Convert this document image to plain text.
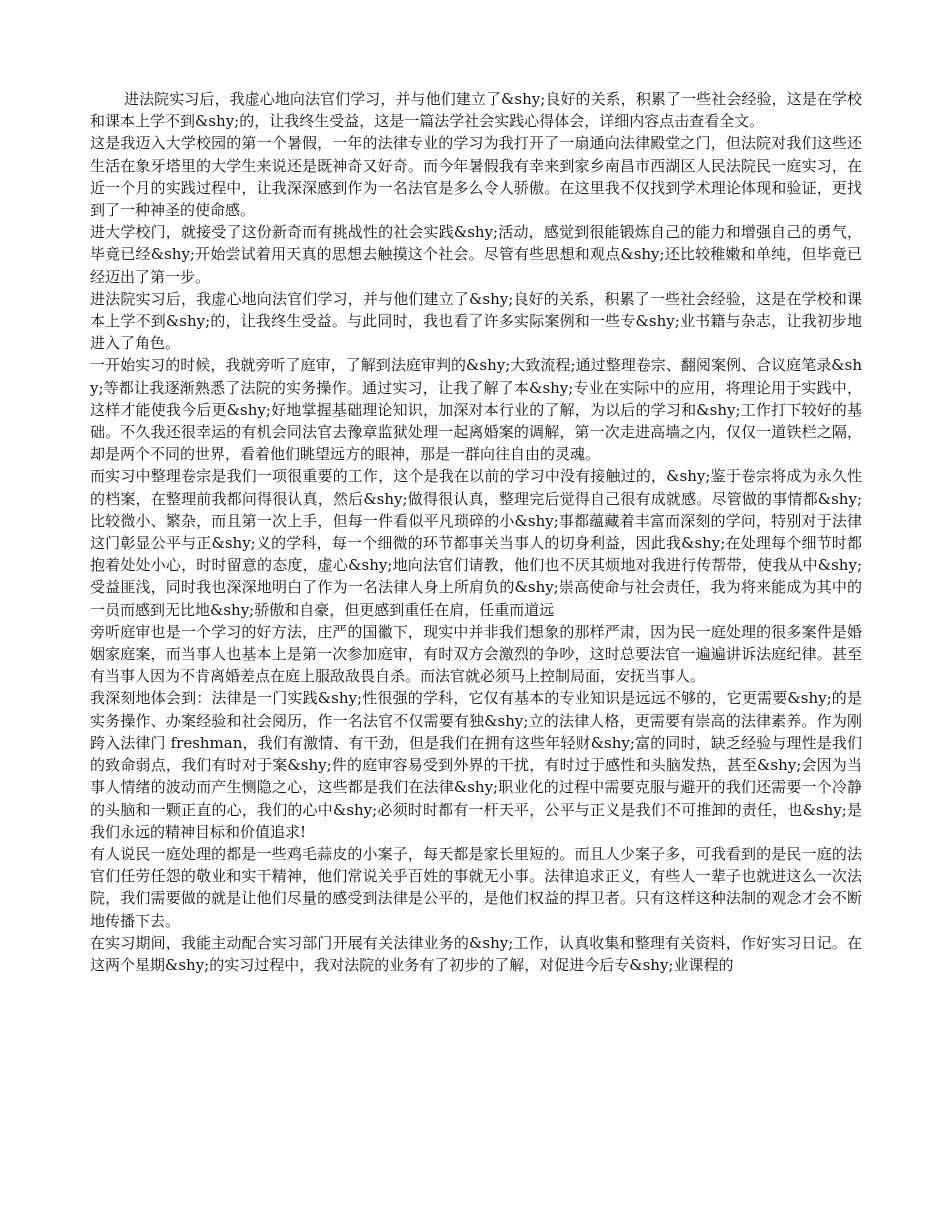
进法院实习后，我虚心地向法官们学习，并与他们建立了&shy;良好的关系，积累了一些社会经验，这是在学校和课本上学不到&shy;的，让我终生受益，这是一篇法学社会实践心得体会，详细内容点击查看全文。

这是我迈入大学校园的第一个暑假，一年的法律专业的学习为我打开了一扇通向法律殿堂之门，但法院对我们这些还生活在象牙塔里的大学生来说还是既神奇又好奇。而今年暑假我有幸来到家乡南昌市西湖区人民法院民一庭实习，在近一个月的实践过程中，让我深深感到作为一名法官是多么令人骄傲。在这里我不仅找到学术理论体现和验证，更找到了一种神圣的使命感。

进大学校门，就接受了这份新奇而有挑战性的社会实践&shy;活动，感觉到很能锻炼自己的能力和增强自己的勇气，毕竟已经&shy;开始尝试着用天真的思想去触摸这个社会。尽管有些思想和观点&shy;还比较稚嫩和单纯，但毕竟已经迈出了第一步。

进法院实习后，我虚心地向法官们学习，并与他们建立了&shy;良好的关系，积累了一些社会经验，这是在学校和课本上学不到&shy;的，让我终生受益。与此同时，我也看了许多实际案例和一些专&shy;业书籍与杂志，让我初步地进入了角色。

一开始实习的时候，我就旁听了庭审，了解到法庭审判的&shy;大致流程;通过整理卷宗、翻阅案例、合议庭笔录&shy;等都让我逐渐熟悉了法院的实务操作。通过实习，让我了解了本&shy;专业在实际中的应用，将理论用于实践中，这样才能使我今后更&shy;好地掌握基础理论知识，加深对本行业的了解，为以后的学习和&shy;工作打下较好的基础。不久我还很幸运的有机会同法官去豫章监狱处理一起离婚案的调解，第一次走进高墙之内，仅仅一道铁栏之隔，却是两个不同的世界，看着他们眺望远方的眼神，那是一群向往自由的灵魂。

而实习中整理卷宗是我们一项很重要的工作，这个是我在以前的学习中没有接触过的，&shy;鉴于卷宗将成为永久性的档案，在整理前我都问得很认真，然后&shy;做得很认真，整理完后觉得自己很有成就感。尽管做的事情都&shy;比较微小、繁杂，而且第一次上手，但每一件看似平凡琐碎的小&shy;事都蕴藏着丰富而深刻的学问，特别对于法律这门彰显公平与正&shy;义的学科，每一个细微的环节都事关当事人的切身利益，因此我&shy;在处理每个细节时都抱着处处小心，时时留意的态度，虚心&shy;地向法官们请教，他们也不厌其烦地对我进行传帮带，使我从中&shy;受益匪浅，同时我也深深地明白了作为一名法律人身上所肩负的&shy;崇高使命与社会责任，我为将来能成为其中的一员而感到无比地&shy;骄傲和自豪，但更感到重任在肩，任重而道远

旁听庭审也是一个学习的好方法，庄严的国徽下，现实中并非我们想象的那样严肃，因为民一庭处理的很多案件是婚姻家庭案，而当事人也基本上是第一次参加庭审，有时双方会激烈的争吵，这时总要法官一遍遍讲诉法庭纪律。甚至有当事人因为不肯离婚差点在庭上服敌敌畏自杀。而法官就必须马上控制局面，安抚当事人。

我深刻地体会到：法律是一门实践&shy;性很强的学科，它仅有基本的专业知识是远远不够的，它更需要&shy;的是实务操作、办案经验和社会阅历，作一名法官不仅需要有独&shy;立的法律人格，更需要有崇高的法律素养。作为刚跨入法律门 freshman，我们有激情、有干劲，但是我们在拥有这些年轻财&shy;富的同时，缺乏经验与理性是我们的致命弱点，我们有时对于案&shy;件的庭审容易受到外界的干扰，有时过于感性和头脑发热，甚至&shy;会因为当事人情绪的波动而产生恻隐之心，这些都是我们在法律&shy;职业化的过程中需要克服与避开的我们还需要一个冷静的头脑和一颗正直的心，我们的心中&shy;必须时时都有一杆天平，公平与正义是我们不可推卸的责任，也&shy;是我们永远的精神目标和价值追求!

有人说民一庭处理的都是一些鸡毛蒜皮的小案子，每天都是家长里短的。而且人少案子多，可我看到的是民一庭的法官们任劳任怨的敬业和实干精神，他们常说关乎百姓的事就无小事。法律追求正义，有些人一辈子也就进这么一次法院，我们需要做的就是让他们尽量的感受到法律是公平的，是他们权益的捍卫者。只有这样这种法制的观念才会不断地传播下去。

在实习期间，我能主动配合实习部门开展有关法律业务的&shy;工作，认真收集和整理有关资料，作好实习日记。在这两个星期&shy;的实习过程中，我对法院的业务有了初步的了解，对促进今后专&shy;业课程的
